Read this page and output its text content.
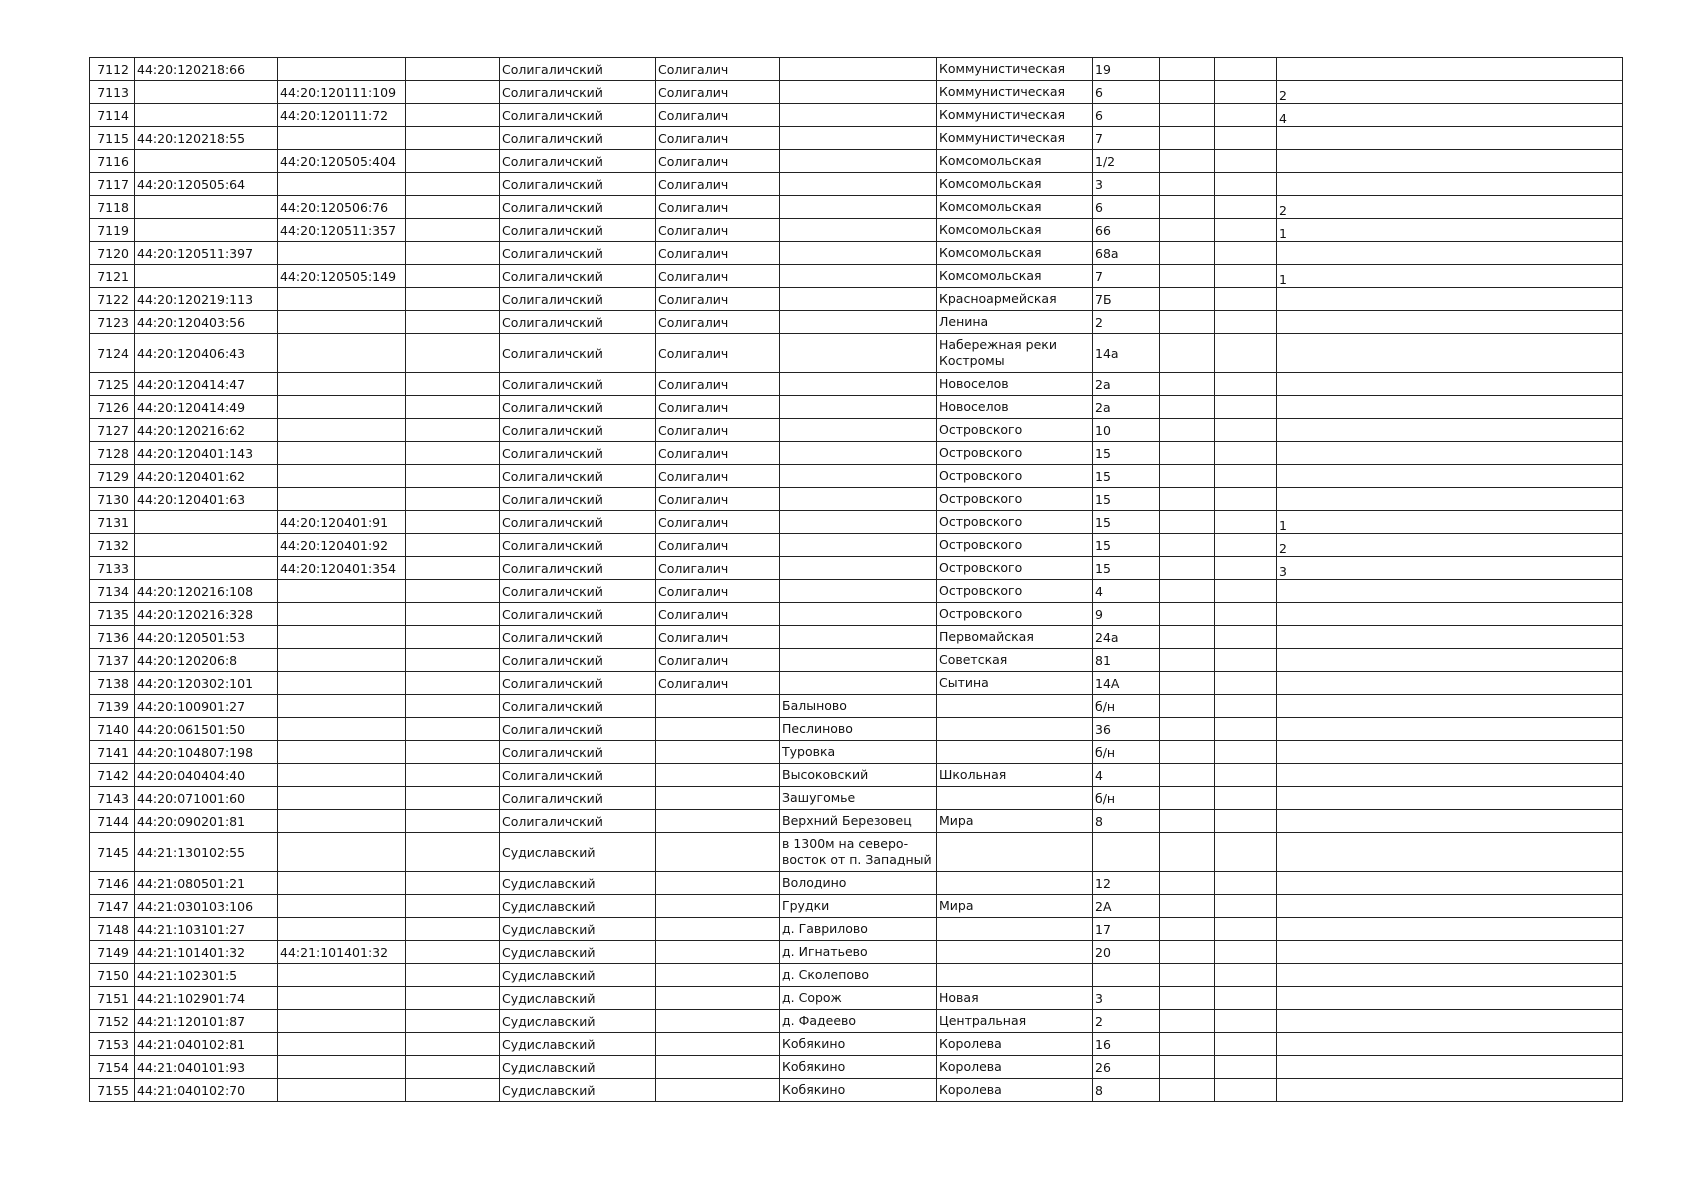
7112	44:20:120218:66			Солигаличский	Солигалич		Коммунистическая	19			
7113		44:20:120111:109		Солигаличский	Солигалич		Коммунистическая	6			2
7114		44:20:120111:72		Солигаличский	Солигалич		Коммунистическая	6			4
7115	44:20:120218:55			Солигаличский	Солигалич		Коммунистическая	7			
7116		44:20:120505:404		Солигаличский	Солигалич		Комсомольская	1/2			
7117	44:20:120505:64			Солигаличский	Солигалич		Комсомольская	3			
7118		44:20:120506:76		Солигаличский	Солигалич		Комсомольская	6			2
7119		44:20:120511:357		Солигаличский	Солигалич		Комсомольская	66			1
7120	44:20:120511:397			Солигаличский	Солигалич		Комсомольская	68а			
7121		44:20:120505:149		Солигаличский	Солигалич		Комсомольская	7			1
7122	44:20:120219:113			Солигаличский	Солигалич		Красноармейская	7Б			
7123	44:20:120403:56			Солигаличский	Солигалич		Ленина	2			
7124	44:20:120406:43			Солигаличский	Солигалич		Набережная реки Костромы	14а			
7125	44:20:120414:47			Солигаличский	Солигалич		Новоселов	2а			
7126	44:20:120414:49			Солигаличский	Солигалич		Новоселов	2а			
7127	44:20:120216:62			Солигаличский	Солигалич		Островского	10			
7128	44:20:120401:143			Солигаличский	Солигалич		Островского	15			
7129	44:20:120401:62			Солигаличский	Солигалич		Островского	15			
7130	44:20:120401:63			Солигаличский	Солигалич		Островского	15			
7131		44:20:120401:91		Солигаличский	Солигалич		Островского	15			1
7132		44:20:120401:92		Солигаличский	Солигалич		Островского	15			2
7133		44:20:120401:354		Солигаличский	Солигалич		Островского	15			3
7134	44:20:120216:108			Солигаличский	Солигалич		Островского	4			
7135	44:20:120216:328			Солигаличский	Солигалич		Островского	9			
7136	44:20:120501:53			Солигаличский	Солигалич		Первомайская	24а			
7137	44:20:120206:8			Солигаличский	Солигалич		Советская	81			
7138	44:20:120302:101			Солигаличский	Солигалич		Сытина	14А			
7139	44:20:100901:27			Солигаличский		Балыново		б/н			
7140	44:20:061501:50			Солигаличский		Песлиново		36			
7141	44:20:104807:198			Солигаличский		Туровка		б/н			
7142	44:20:040404:40			Солигаличский		Высоковский	Школьная	4			
7143	44:20:071001:60			Солигаличский		Зашугомье		б/н			
7144	44:20:090201:81			Солигаличский		Верхний Березовец	Мира	8			
7145	44:21:130102:55			Судиславский		в 1300м на северо-восток от п. Западный					
7146	44:21:080501:21			Судиславский		Володино		12			
7147	44:21:030103:106			Судиславский		Грудки	Мира	2А			
7148	44:21:103101:27			Судиславский		д. Гаврилово		17			
7149	44:21:101401:32	44:21:101401:32		Судиславский		д. Игнатьево		20			
7150	44:21:102301:5			Судиславский		д. Сколепово					
7151	44:21:102901:74			Судиславский		д. Сорож	Новая	3			
7152	44:21:120101:87			Судиславский		д. Фадеево	Центральная	2			
7153	44:21:040102:81			Судиславский		Кобякино	Королева	16			
7154	44:21:040101:93			Судиславский		Кобякино	Королева	26			
7155	44:21:040102:70			Судиславский		Кобякино	Королева	8			
